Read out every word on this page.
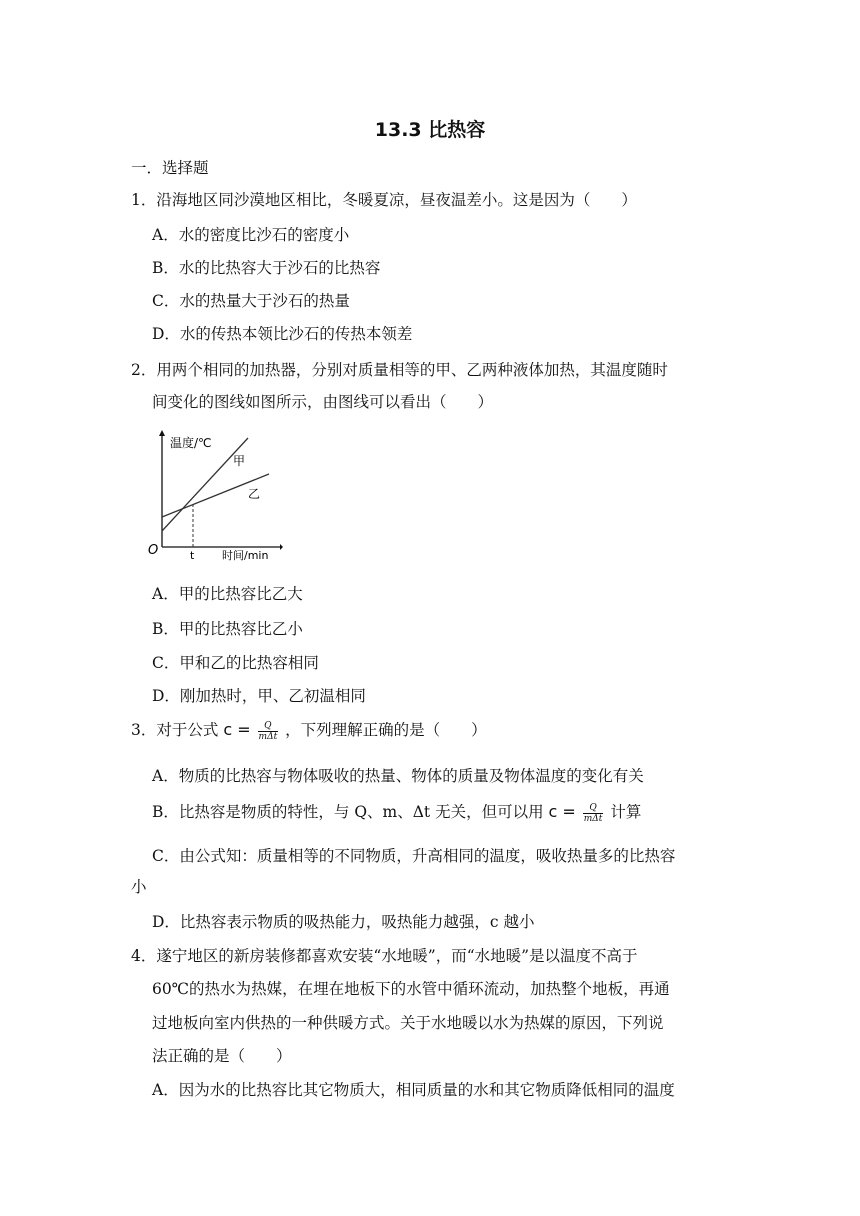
13.3 比热容
一．选择题
1．沿海地区同沙漠地区相比，冬暖夏凉，昼夜温差小。这是因为（　　）
A．水的密度比沙石的密度小
B．水的比热容大于沙石的比热容
C．水的热量大于沙石的热量
D．水的传热本领比沙石的传热本领差
2．用两个相同的加热器，分别对质量相等的甲、乙两种液体加热，其温度随时
间变化的图线如图所示，由图线可以看出（　　）
温度/℃
甲
乙
O	t	时间/min
A．甲的比热容比乙大
B．甲的比热容比乙小
C．甲和乙的比热容相同
D．刚加热时，甲、乙初温相同
3．对于公式 $c = \frac{Q}{\text{mΔt}}$ ，下列理解正确的是（　　）
A．物质的比热容与物体吸收的热量、物体的质量及物体温度的变化有关
B．比热容是物质的特性，与 Q、m、Δt 无关，但可以用 $c = \frac{Q}{\text{mΔt}}$ 计算
C．由公式知：质量相等的不同物质，升高相同的温度，吸收热量多的比热容
小
D．比热容表示物质的吸热能力，吸热能力越强，c 越小
4．遂宁地区的新房装修都喜欢安装“水地暖”，而“水地暖”是以温度不高于
60℃的热水为热媒，在埋在地板下的水管中循环流动，加热整个地板，再通
过地板向室内供热的一种供暖方式。关于水地暖以水为热媒的原因，下列说
法正确的是（　　）
A．因为水的比热容比其它物质大，相同质量的水和其它物质降低相同的温度
